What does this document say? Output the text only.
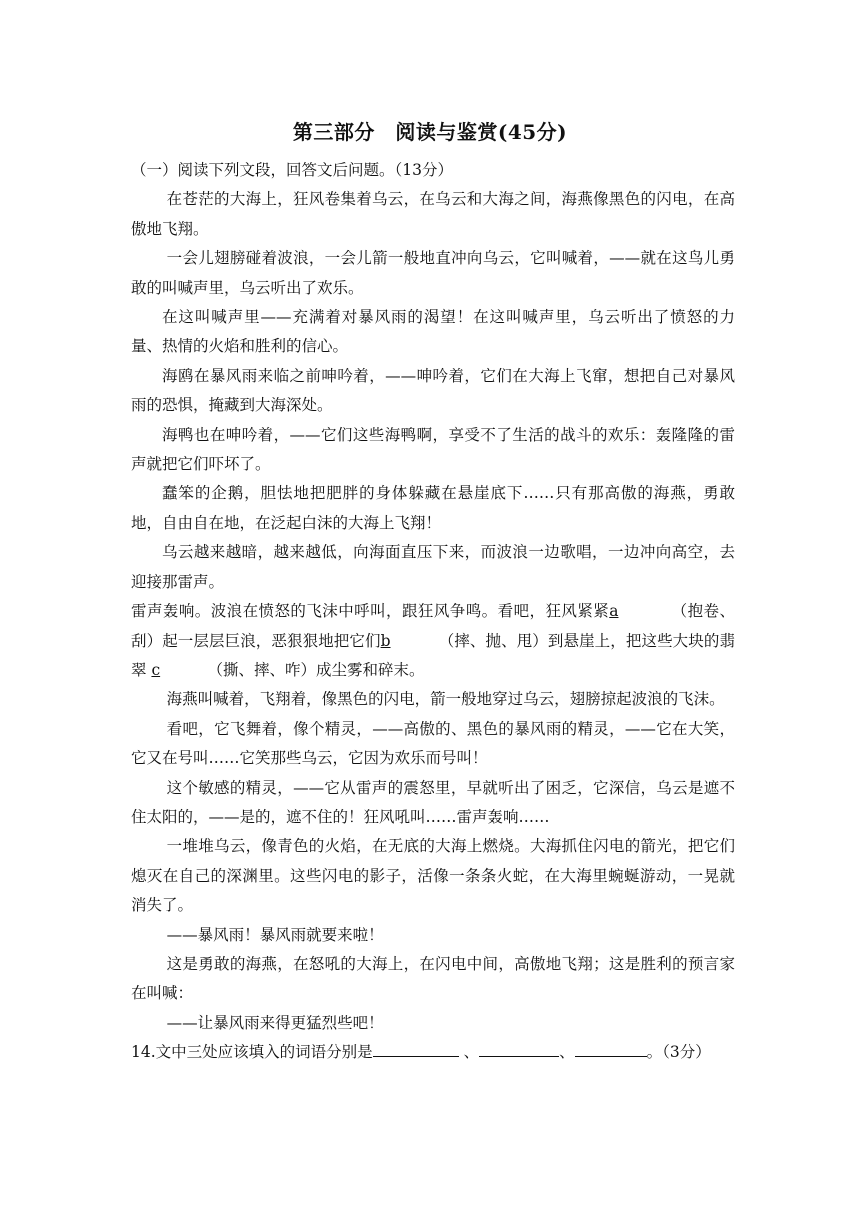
第三部分　阅读与鉴赏(45分)

（一）阅读下列文段，回答文后问题。（13分）

在苍茫的大海上，狂风卷集着乌云，在乌云和大海之间，海燕像黑色的闪电，在高傲地飞翔。

一会儿翅膀碰着波浪，一会儿箭一般地直冲向乌云，它叫喊着，——就在这鸟儿勇敢的叫喊声里，乌云听出了欢乐。

在这叫喊声里——充满着对暴风雨的渴望！在这叫喊声里，乌云听出了愤怒的力量、热情的火焰和胜利的信心。

海鸥在暴风雨来临之前呻吟着，——呻吟着，它们在大海上飞窜，想把自己对暴风雨的恐惧，掩藏到大海深处。

海鸭也在呻吟着，——它们这些海鸭啊，享受不了生活的战斗的欢乐：轰隆隆的雷声就把它们吓坏了。

蠢笨的企鹅，胆怯地把肥胖的身体躲藏在悬崖底下……只有那高傲的海燕，勇敢地，自由自在地，在泛起白沫的大海上飞翔！

乌云越来越暗，越来越低，向海面直压下来，而波浪一边歌唱，一边冲向高空，去迎接那雷声。

雷声轰响。波浪在愤怒的飞沫中呼叫，跟狂风争鸣。看吧，狂风紧紧a	（抱卷、刮）起一层层巨浪，恶狠狠地把它们b	（摔、抛、甩）到悬崖上，把这些大块的翡翠 c	（撕、摔、咋）成尘雾和碎末。

海燕叫喊着，飞翔着，像黑色的闪电，箭一般地穿过乌云，翅膀掠起波浪的飞沫。

看吧，它飞舞着，像个精灵，——高傲的、黑色的暴风雨的精灵，——它在大笑，它又在号叫……它笑那些乌云，它因为欢乐而号叫！

这个敏感的精灵，——它从雷声的震怒里，早就听出了困乏，它深信，乌云是遮不住太阳的，——是的，遮不住的！狂风吼叫……雷声轰响……

一堆堆乌云，像青色的火焰，在无底的大海上燃烧。大海抓住闪电的箭光，把它们熄灭在自己的深渊里。这些闪电的影子，活像一条条火蛇，在大海里蜿蜒游动，一晃就消失了。

——暴风雨！暴风雨就要来啦！

这是勇敢的海燕，在怒吼的大海上，在闪电中间，高傲地飞翔；这是胜利的预言家在叫喊：

——让暴风雨来得更猛烈些吧！

14.文中三处应该填入的词语分别是	、	、	。（3分）
